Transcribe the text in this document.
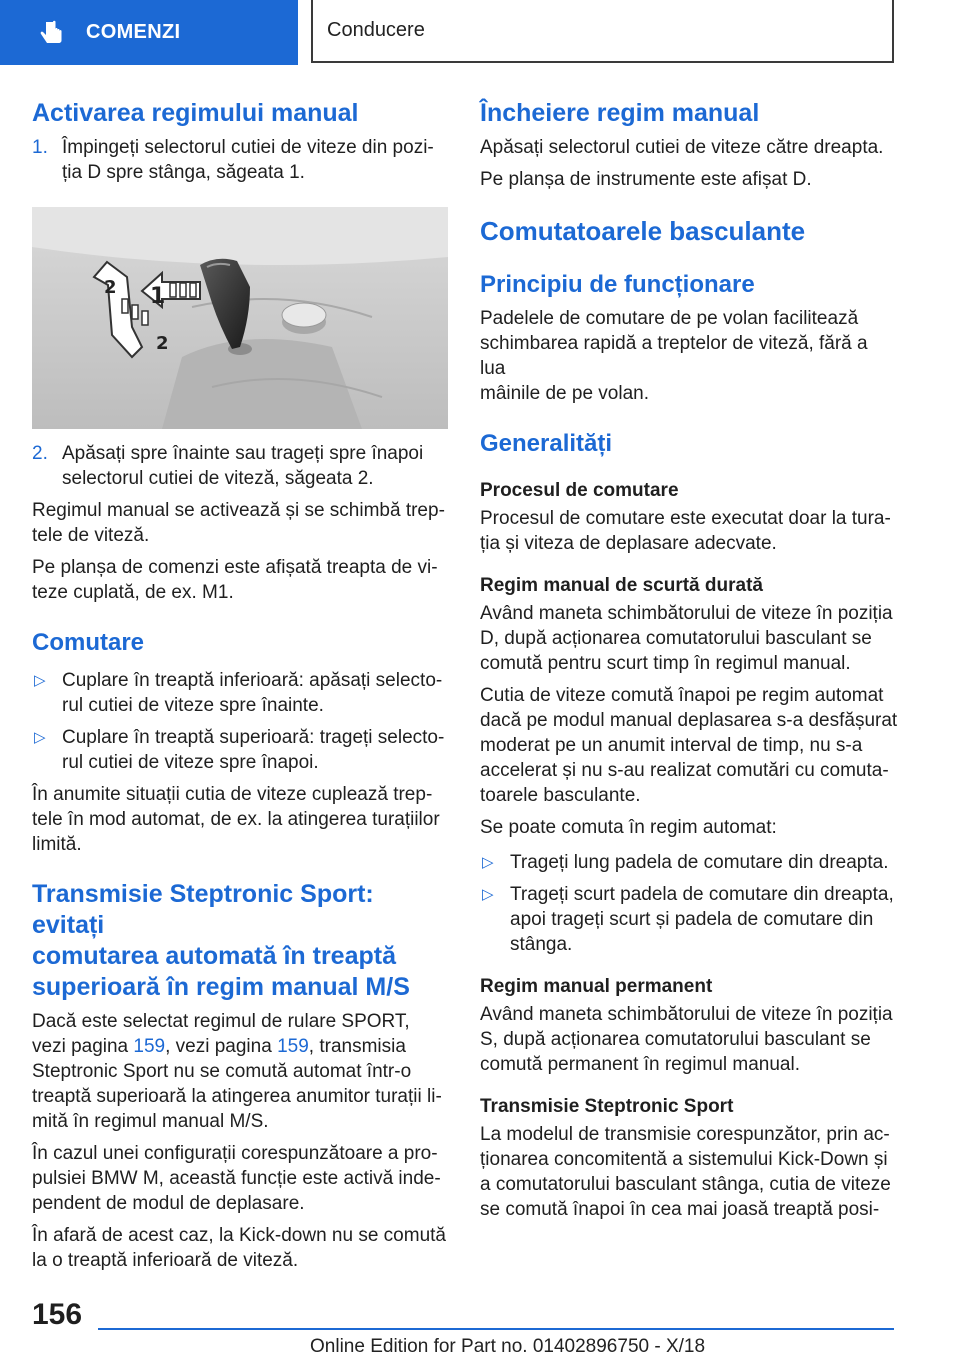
COMENZI	Conducere
Activarea regimului manual
1. Împingeți selectorul cutiei de viteze din pozi‐
ția D spre stânga, săgeata 1.
1
2
2
2. Apăsați spre înainte sau trageți spre înapoi
selectorul cutiei de viteză, săgeata 2.

Regimul manual se activează și se schimbă trep‐
tele de viteză.

Pe planșa de comenzi este afișată treapta de vi‐
teze cuplată, de ex. M1.

Comutare
▷ Cuplare în treaptă inferioară: apăsați selecto‐
rul cutiei de viteze spre înainte.
▷ Cuplare în treaptă superioară: trageți selecto‐
rul cutiei de viteze spre înapoi.

În anumite situații cutia de viteze cuplează trep‐
tele în mod automat, de ex. la atingerea turațiilor
limită.

Transmisie Steptronic Sport: evitați
comutarea automată în treaptă
superioară în regim manual M/S

Dacă este selectat regimul de rulare SPORT,
vezi pagina 159, vezi pagina 159, transmisia
Steptronic Sport nu se comută automat într-o
treaptă superioară la atingerea anumitor turații li‐
mită în regimul manual M/S.

În cazul unei configurații corespunzătoare a pro‐
pulsiei BMW M, această funcție este activă inde‐
pendent de modul de deplasare.

În afară de acest caz, la Kick-down nu se comută
la o treaptă inferioară de viteză.

Încheiere regim manual

Apăsați selectorul cutiei de viteze către dreapta.

Pe planșa de instrumente este afișat D.

Comutatoarele basculante
Principiu de funcționare

Padelele de comutare de pe volan facilitează
schimbarea rapidă a treptelor de viteză, fără a lua
mâinile de pe volan.

Generalități
Procesul de comutare

Procesul de comutare este executat doar la tura‐
ția și viteza de deplasare adecvate.

Regim manual de scurtă durată

Având maneta schimbătorului de viteze în poziția
D, după acționarea comutatorului basculant se
comută pentru scurt timp în regimul manual.

Cutia de viteze comută înapoi pe regim automat
dacă pe modul manual deplasarea s-a desfășurat
moderat pe un anumit interval de timp, nu s-a
accelerat și nu s-au realizat comutări cu comuta‐
toarele basculante.

Se poate comuta în regim automat:

▷ Trageți lung padela de comutare din dreapta.
▷ Trageți scurt padela de comutare din dreapta,
apoi trageți scurt și padela de comutare din
stânga.
Regim manual permanent

Având maneta schimbătorului de viteze în poziția
S, după acționarea comutatorului basculant se
comută permanent în regimul manual.

Transmisie Steptronic Sport

La modelul de transmisie corespunzător, prin ac‐
ționarea concomitentă a sistemului Kick-Down și
a comutatorului basculant stânga, cutia de viteze
se comută înapoi în cea mai joasă treaptă posi‐

156
Online Edition for Part no. 01402896750 - X/18
